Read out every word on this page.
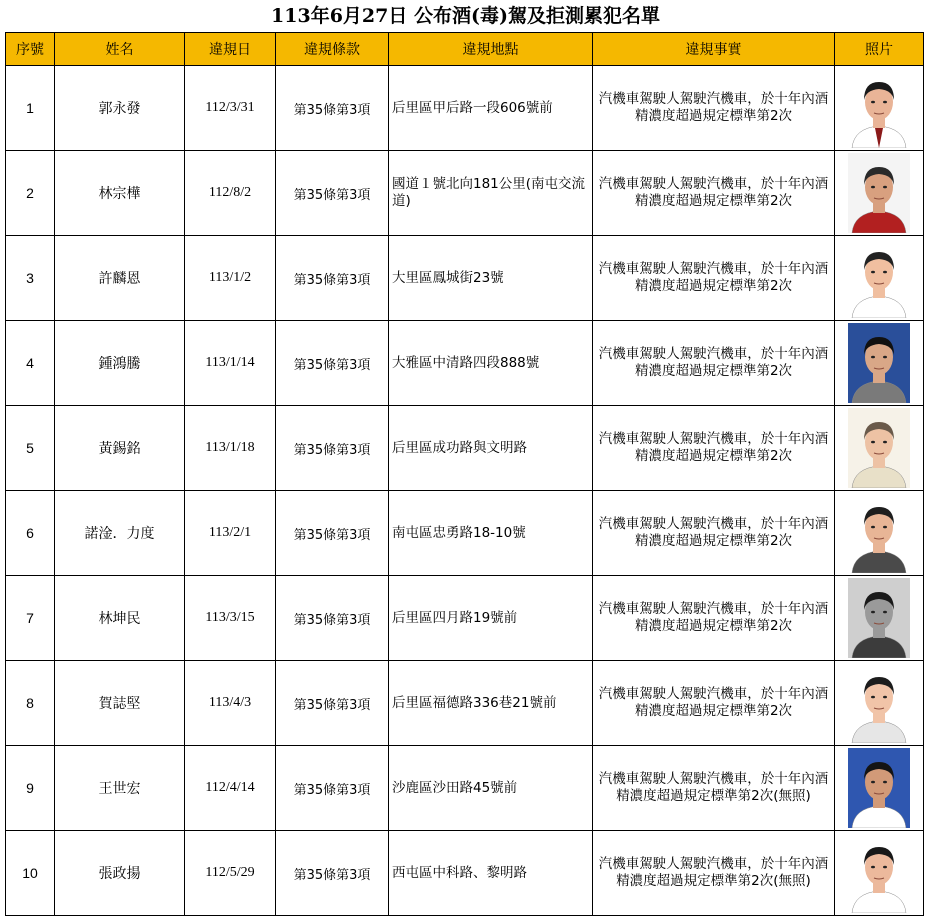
113年6月27日 公布酒(毒)駕及拒測累犯名單
序號	姓名	違規日	違規條款	違規地點	違規事實	照片
1	郭永發	112/3/31	第35條第3項	后里區甲后路一段606號前	汽機車駕駛人駕駛汽機車，於十年內酒精濃度超過規定標準第2次	

2	林宗樺	112/8/2	第35條第3項	國道１號北向181公里(南屯交流道)	汽機車駕駛人駕駛汽機車，於十年內酒精濃度超過規定標準第2次	

3	許麟恩	113/1/2	第35條第3項	大里區鳳城街23號	汽機車駕駛人駕駛汽機車，於十年內酒精濃度超過規定標準第2次	

4	鍾鴻騰	113/1/14	第35條第3項	大雅區中清路四段888號	汽機車駕駛人駕駛汽機車，於十年內酒精濃度超過規定標準第2次	

5	黃錫銘	113/1/18	第35條第3項	后里區成功路與文明路	汽機車駕駛人駕駛汽機車，於十年內酒精濃度超過規定標準第2次	

6	諾淦．力度	113/2/1	第35條第3項	南屯區忠勇路18-10號	汽機車駕駛人駕駛汽機車，於十年內酒精濃度超過規定標準第2次	

7	林坤民	113/3/15	第35條第3項	后里區四月路19號前	汽機車駕駛人駕駛汽機車，於十年內酒精濃度超過規定標準第2次	

8	賀誌堅	113/4/3	第35條第3項	后里區福德路336巷21號前	汽機車駕駛人駕駛汽機車，於十年內酒精濃度超過規定標準第2次	

9	王世宏	112/4/14	第35條第3項	沙鹿區沙田路45號前	汽機車駕駛人駕駛汽機車，於十年內酒精濃度超過規定標準第2次(無照)	

10	張政揚	112/5/29	第35條第3項	西屯區中科路、黎明路	汽機車駕駛人駕駛汽機車，於十年內酒精濃度超過規定標準第2次(無照)	
